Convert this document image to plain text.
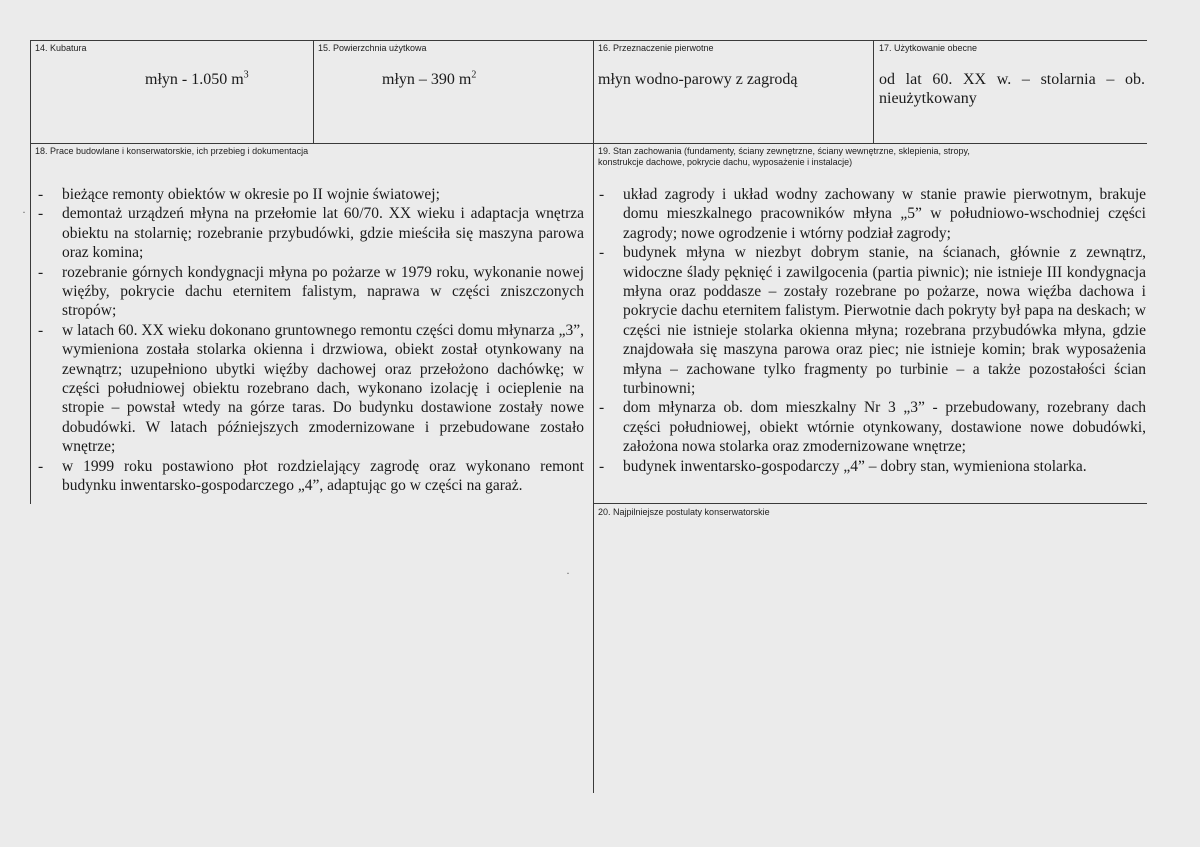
14. Kubatura
młyn - 1.050 $m^3$
15. Powierzchnia użytkowa
młyn – 390 $m^2$
16. Przeznaczenie pierwotne
młyn wodno-parowy z zagrodą
17. Użytkowanie obecne
od lat 60. XX w. – stolarnia – ob.
nieużytkowany
18. Prace budowlane i konserwatorskie, ich przebieg i dokumentacja
- bieżące remonty obiektów w okresie po II wojnie światowej;
- demontaż urządzeń młyna na przełomie lat 60/70. XX wieku i adaptacja wnętrza obiektu na stolarnię; rozebranie przybudówki, gdzie mieściła się maszyna parowa oraz komina;
- rozebranie górnych kondygnacji młyna po pożarze w 1979 roku, wykonanie nowej więźby, pokrycie dachu eternitem falistym, naprawa w części zniszczonych stropów;
- w latach 60. XX wieku dokonano gruntownego remontu części domu młynarza „3”, wymieniona została stolarka okienna i drzwiowa, obiekt został otynkowany na zewnątrz; uzupełniono ubytki więźby dachowej oraz przełożono dachówkę; w części południowej obiektu rozebrano dach, wykonano izolację i ocieplenie na stropie – powstał wtedy na górze taras. Do budynku dostawione zostały nowe dobudówki. W latach późniejszych zmodernizowane i przebudowane zostało wnętrze;
- w 1999 roku postawiono płot rozdzielający zagrodę oraz wykonano remont budynku inwentarsko-gospodarczego „4”, adaptując go w części na garaż.
19. Stan zachowania (fundamenty, ściany zewnętrzne, ściany wewnętrzne, sklepienia, stropy,
konstrukcje dachowe, pokrycie dachu, wyposażenie i instalacje)
- układ zagrody i układ wodny zachowany w stanie prawie pierwotnym, brakuje domu mieszkalnego pracowników młyna „5” w południowo-wschodniej części zagrody; nowe ogrodzenie i wtórny podział zagrody;
- budynek młyna w niezbyt dobrym stanie, na ścianach, głównie z zewnątrz, widoczne ślady pęknięć i zawilgocenia (partia piwnic); nie istnieje III kondygnacja młyna oraz poddasze – zostały rozebrane po pożarze, nowa więźba dachowa i pokrycie dachu eternitem falistym. Pierwotnie dach pokryty był papa na deskach; w części nie istnieje stolarka okienna młyna; rozebrana przybudówka młyna, gdzie znajdowała się maszyna parowa oraz piec; nie istnieje komin; brak wyposażenia młyna – zachowane tylko fragmenty po turbinie – a także pozostałości ścian turbinowni;
- dom młynarza ob. dom mieszkalny Nr 3 „3” - przebudowany, rozebrany dach części południowej, obiekt wtórnie otynkowany, dostawione nowe dobudówki, założona nowa stolarka oraz zmodernizowane wnętrze;
- budynek inwentarsko-gospodarczy „4” – dobry stan, wymieniona stolarka.
20. Najpilniejsze postulaty konserwatorskie
·
·
